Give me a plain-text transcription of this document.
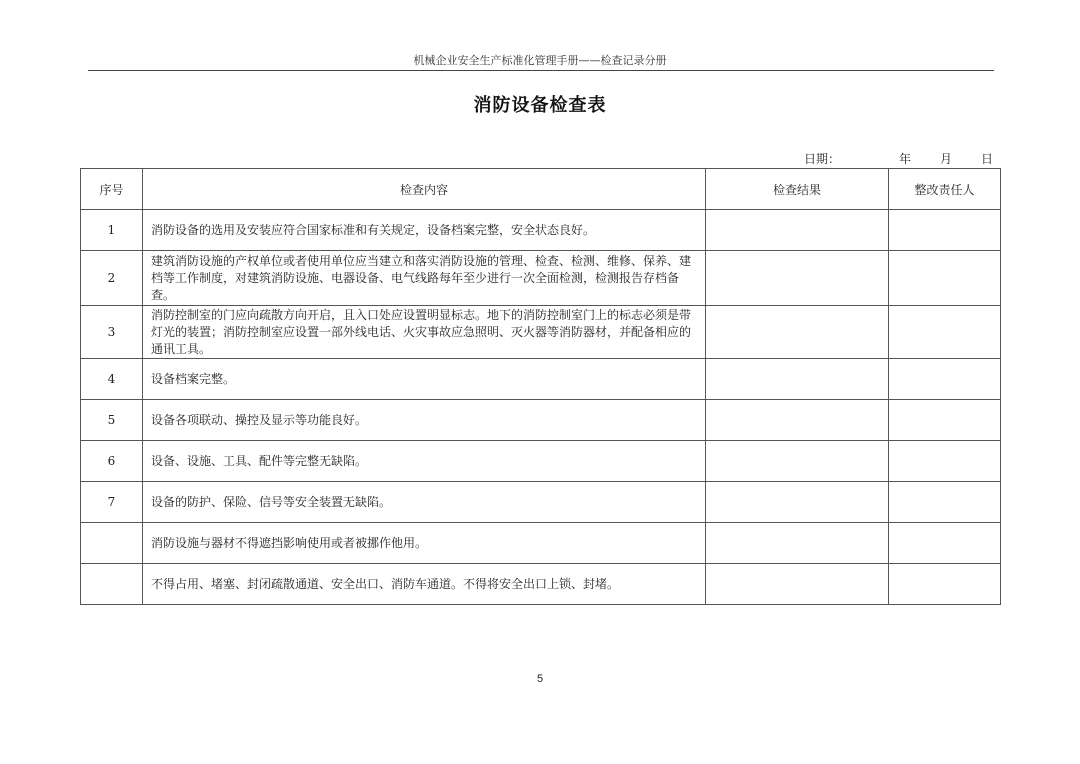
机械企业安全生产标准化管理手册——检查记录分册
消防设备检查表
日期：	年 月 日
序号	检查内容	检查结果	整改责任人
1	消防设备的选用及安装应符合国家标准和有关规定，设备档案完整，安全状态良好。		
2	建筑消防设施的产权单位或者使用单位应当建立和落实消防设施的管理、检查、检测、维修、保养、建档等工作制度，对建筑消防设施、电器设备、电气线路每年至少进行一次全面检测，检测报告存档备查。		
3	消防控制室的门应向疏散方向开启，且入口处应设置明显标志。地下的消防控制室门上的标志必须是带灯光的装置；消防控制室应设置一部外线电话、火灾事故应急照明、灭火器等消防器材，并配备相应的通讯工具。		
4	设备档案完整。		
5	设备各项联动、操控及显示等功能良好。		
6	设备、设施、工具、配件等完整无缺陷。		
7	设备的防护、保险、信号等安全装置无缺陷。		
	消防设施与器材不得遮挡影响使用或者被挪作他用。		
	不得占用、堵塞、封闭疏散通道、安全出口、消防车通道。不得将安全出口上锁、封堵。		
5
